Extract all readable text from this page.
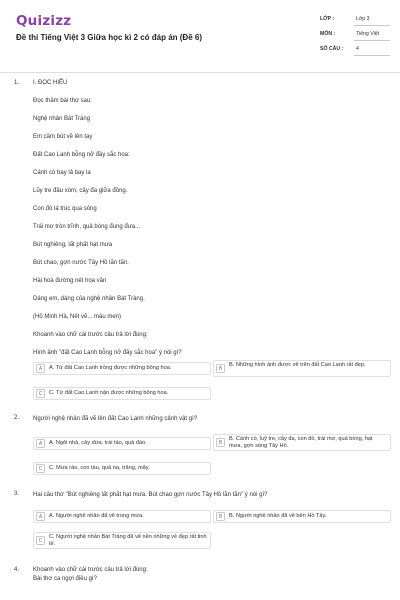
Quizizz
Đề thi Tiếng Việt 3 Giữa học kì 2 có đáp án (Đề 6)
LỚP :	Lớp 3
MÔN :	Tiếng Việt
SỐ CÂU : 4
1. I. ĐỌC HIỂU
Đọc thầm bài thơ sau:
Nghệ nhân Bát Tràng
Em cầm bút vẽ lên tay
Đất Cao Lanh bỗng nở đầy sắc hoa:
Cánh cò bay lả bay la
Lũy tre đầu xóm, cây đa giữa đồng.
Con đò lá trúc qua sông
Trái mơ tròn trĩnh, quả bòng đung đưa...
Bút nghiêng, lất phất hạt mưa
Bút chao, gợn nước Tây Hồ lăn tăn.
Hài hoà đường nét hoa văn
Dáng em, dáng của nghệ nhân Bát Tràng.
(Hồ Minh Hà, Nét vẽ... màu men)
Khoanh vào chữ cái trước câu trả lời đúng:
Hình ảnh "đất Cao Lanh bỗng nở đầy sắc hoa" ý nói gì?
A	A. Từ đất Cao Lanh trồng được những bông hoa.	B
B. Những hình ảnh được vẽ trên đất Cao Lanh rất đẹp.
C	C. Từ đất Cao Lanh nặn được những bông hoa.
2. Người nghệ nhân đã vẽ lên đất Cao Lanh những cảnh vật gì?
A	A. Ngôi nhà, cây dừa, trái táo, quả đào.	B
B. Cánh cò, luỹ tre, cây đa, con đò, trái mơ, quả bòng, hạt mưa, gợn sóng Tây Hồ.
C	C. Mưa rào, con tàu, quả na, trăng, mây.
3. Hai câu thơ "Bút nghiêng lất phất hạt mưa. Bút chao gợn nước Tây Hồ lăn tăn" ý nói gì?
A	A. Người nghệ nhân đã vẽ trong mưa.	B	B. Người nghệ nhân đã vẽ bên Hồ Tây.
C
C. Người nghệ nhân Bát Tràng đã vẽ nên những vẻ đẹp rất tinh tế.
4. Khoanh vào chữ cái trước câu trả lời đúng:
Bài thơ ca ngợi điều gì?
